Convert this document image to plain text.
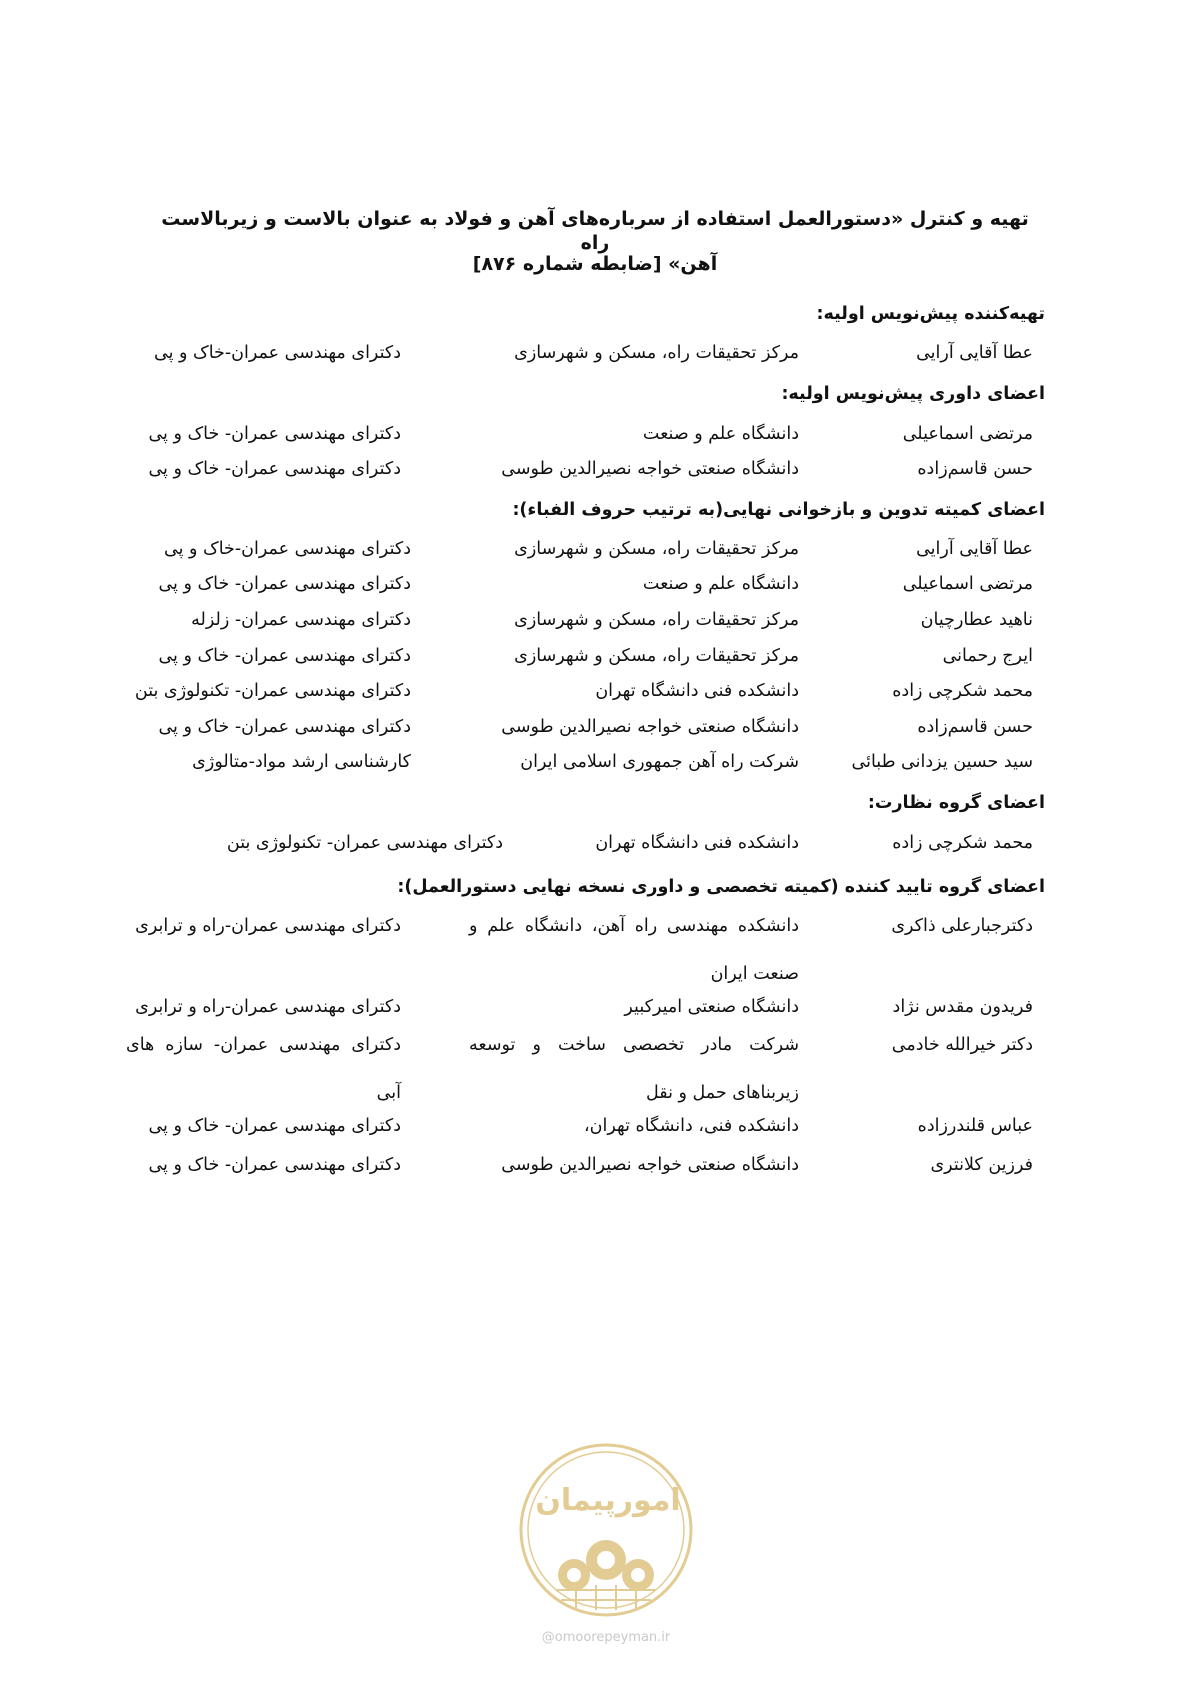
تهیه و کنترل «دستورالعمل استفاده از سرباره‌های آهن و فولاد به عنوان بالاست و زیربالاست راه
آهن» [ضابطه شماره ۸۷۶]
تهیه‌کننده پیش‌نویس اولیه:
عطا آقایی آرایی
مرکز تحقیقات راه، مسکن و شهرسازی
دکترای مهندسی عمران-خاک و پی
اعضای داوری پیش‌نویس اولیه:
مرتضی اسماعیلی
دانشگاه علم و صنعت
دکترای مهندسی عمران- خاک و پی
حسن قاسم‌زاده
دانشگاه صنعتی خواجه نصیرالدین طوسی
دکترای مهندسی عمران- خاک و پی
اعضای کمیته تدوین و بازخوانی نهایی(به ترتیب حروف الفباء):
عطا آقایی آرایی
مرکز تحقیقات راه، مسکن و شهرسازی
دکترای مهندسی عمران-خاک و پی
مرتضی اسماعیلی
دانشگاه علم و صنعت
دکترای مهندسی عمران- خاک و پی
ناهید عطارچیان
مرکز تحقیقات راه، مسکن و شهرسازی
دکترای مهندسی عمران- زلزله
ایرج رحمانی
مرکز تحقیقات راه، مسکن و شهرسازی
دکترای مهندسی عمران- خاک و پی
محمد شکرچی زاده
دانشکده فنی دانشگاه تهران
دکترای مهندسی عمران- تکنولوژی بتن
حسن قاسم‌زاده
دانشگاه صنعتی خواجه نصیرالدین طوسی
دکترای مهندسی عمران- خاک و پی
سید حسین یزدانی طبائی
شرکت راه آهن جمهوری اسلامی ایران
کارشناسی ارشد مواد-متالوژی
اعضای گروه نظارت:
محمد شکرچی زاده
دانشکده فنی دانشگاه تهران
دکترای مهندسی عمران- تکنولوژی بتن
اعضای گروه تایید کننده (کمیته تخصصی و داوری نسخه نهایی دستورالعمل):
دکترجبارعلی ذاکری
دانشکده مهندسی راه آهن، دانشگاه علم و صنعت ایران
دکترای مهندسی عمران-راه و ترابری
فریدون مقدس نژاد
دانشگاه صنعتی امیرکبیر
دکترای مهندسی عمران-راه و ترابری
دکتر خیرالله خادمی
شرکت مادر تخصصی ساخت و توسعه زیربناهای حمل و نقل
دکترای مهندسی عمران- سازه های آبی
عباس قلندرزاده
دانشکده فنی، دانشگاه تهران،
دکترای مهندسی عمران- خاک و پی
فرزین کلانتری
دانشگاه صنعتی خواجه نصیرالدین طوسی
دکترای مهندسی عمران- خاک و پی
امورپیمان
@omoorepeyman.ir
